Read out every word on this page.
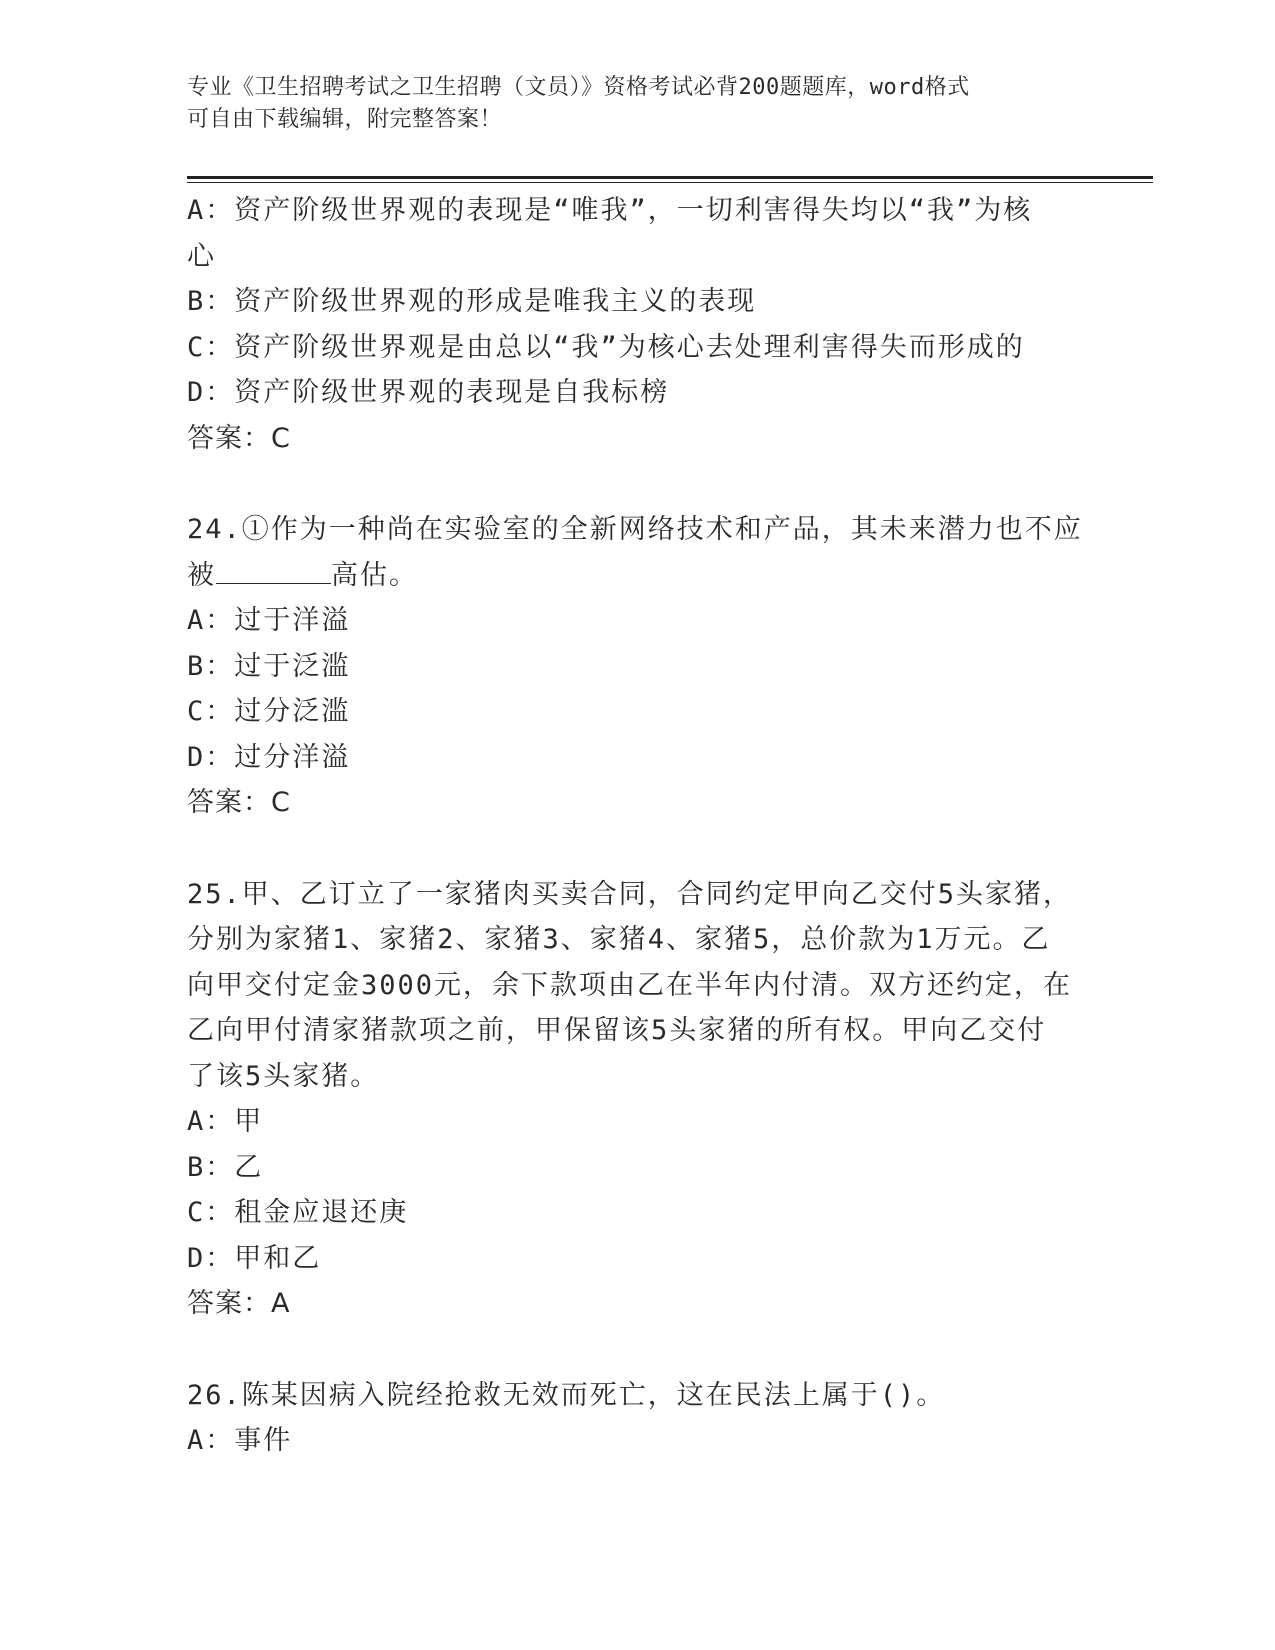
专业《卫生招聘考试之卫生招聘（文员）》资格考试必背200题题库，word格式
可自由下载编辑，附完整答案！
A：资产阶级世界观的表现是“唯我”，一切利害得失均以“我”为核
心
B：资产阶级世界观的形成是唯我主义的表现
C：资产阶级世界观是由总以“我”为核心去处理利害得失而形成的
D：资产阶级世界观的表现是自我标榜
答案：C
24.①作为一种尚在实验室的全新网络技术和产品，其未来潜力也不应
被	高估。
A：过于洋溢
B：过于泛滥
C：过分泛滥
D：过分洋溢
答案：C
25.甲、乙订立了一家猪肉买卖合同，合同约定甲向乙交付5头家猪，
分别为家猪1、家猪2、家猪3、家猪4、家猪5，总价款为1万元。乙
向甲交付定金3000元，余下款项由乙在半年内付清。双方还约定，在
乙向甲付清家猪款项之前，甲保留该5头家猪的所有权。甲向乙交付
了该5头家猪。
A：甲
B：乙
C：租金应退还庚
D：甲和乙
答案：A
26.陈某因病入院经抢救无效而死亡，这在民法上属于()。
A：事件
